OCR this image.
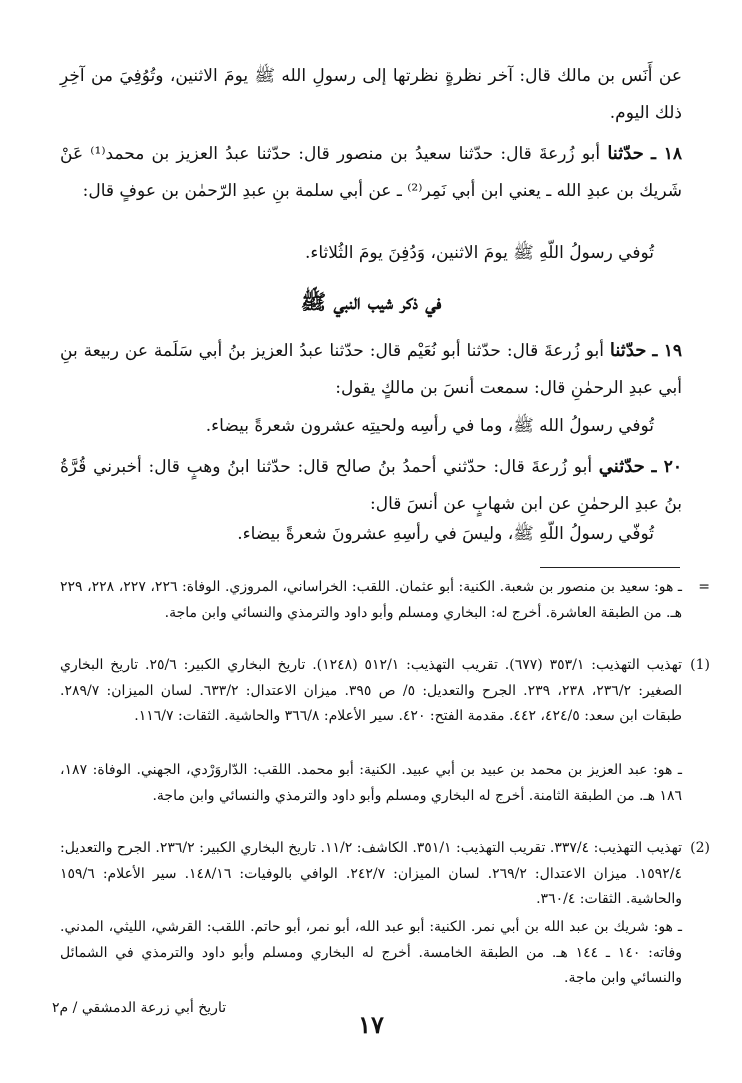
عن أَنَس بن مالك قال: آخر نظرةٍ نظرتها إلى رسولِ الله ﷺ يومَ الاثنين، وتُوُفِيَ من آخِرِ ذلك اليوم.
١٨ ـ حدّثنا أبو زُرعةَ قال: حدّثنا سعيدُ بن منصور قال: حدّثنا عبدُ العزيز بن محمد⁽¹⁾ عَنْ شَريك بن عبدِ الله ـ يعني ابن أبي نَمِر⁽²⁾ ـ عن أبي سلمة بنِ عبدِ الرّحمٰن بن عوفٍ قال:
تُوفي رسولُ اللّهِ ﷺ يومَ الاثنين، وَدُفِنَ يومَ الثُلاثاء.
في ذكر شيب النبي ﷺ
١٩ ـ حدّثنا أبو زُرعةَ قال: حدّثنا أبو نُعَيْم قال: حدّثنا عبدُ العزيز بنُ أبي سَلَمة عن ربيعة بنِ أبي عبدِ الرحمٰنِ قال: سمعت أنسَ بن مالكٍ يقول:
تُوفي رسولُ الله ﷺ، وما في رأسِه ولحيتِه عشرون شعرةً بيضاء.
٢٠ ـ حدّثني أبو زُرعةَ قال: حدّثني أحمدُ بنُ صالح قال: حدّثنا ابنُ وهبٍ قال: أخبرني قُرَّةُ بنُ عبدِ الرحمٰنِ عن ابن شهابٍ عن أنسَ قال:
تُوفّي رسولُ اللّهِ ﷺ، وليسَ في رأسِهِ عشرونَ شعرةً بيضاء.
=
ـ هو: سعيد بن منصور بن شعبة. الكنية: أبو عثمان. اللقب: الخراساني، المروزي. الوفاة: ٢٢٦، ٢٢٧، ٢٢٨، ٢٢٩ هـ. من الطبقة العاشرة. أخرج له: البخاري ومسلم وأبو داود والترمذي والنسائي وابن ماجة.
(1)
تهذيب التهذيب: ٣٥٣/١ (٦٧٧). تقريب التهذيب: ٥١٢/١ (١٢٤٨). تاريخ البخاري الكبير: ٢٥/٦. تاريخ البخاري الصغير: ٢٣٦/٢، ٢٣٨، ٢٣٩. الجرح والتعديل: ٥/ ص ٣٩٥. ميزان الاعتدال: ٦٣٣/٢. لسان الميزان: ٢٨٩/٧. طبقات ابن سعد: ٤٢٤/٥، ٤٤٢. مقدمة الفتح: ٤٢٠. سير الأعلام: ٣٦٦/٨ والحاشية. الثقات: ١١٦/٧.
ـ هو: عبد العزيز بن محمد بن عبيد بن أبي عبيد. الكنية: أبو محمد. اللقب: الدّاروَرْدي، الجهني. الوفاة: ١٨٧، ١٨٦ هـ. من الطبقة الثامنة. أخرج له البخاري ومسلم وأبو داود والترمذي والنسائي وابن ماجة.
(2)
تهذيب التهذيب: ٣٣٧/٤. تقريب التهذيب: ٣٥١/١. الكاشف: ١١/٢. تاريخ البخاري الكبير: ٢٣٦/٢. الجرح والتعديل: ١٥٩٢/٤. ميزان الاعتدال: ٢٦٩/٢. لسان الميزان: ٢٤٢/٧. الوافي بالوفيات: ١٤٨/١٦. سير الأعلام: ١٥٩/٦ والحاشية. الثقات: ٣٦٠/٤.
ـ هو: شريك بن عبد الله بن أبي نمر. الكنية: أبو عبد الله، أبو نمر، أبو حاتم. اللقب: القرشي، الليثي، المدني. وفاته: ١٤٠ ـ ١٤٤ هـ. من الطبقة الخامسة. أخرج له البخاري ومسلم وأبو داود والترمذي في الشمائل والنسائي وابن ماجة.
تاريخ أبي زرعة الدمشقي / م٢
١٧
